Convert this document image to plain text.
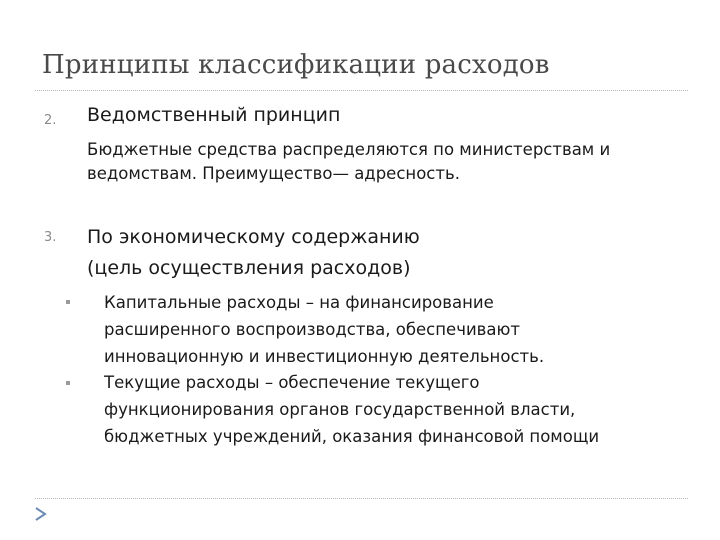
Принципы классификации расходов
2. Ведомственный принцип
Бюджетные средства распределяются по министерствам и
ведомствам. Преимущество— адресность.
3. По экономическому содержанию
(цель осуществления расходов)
Капитальные расходы – на финансирование
расширенного воспроизводства, обеспечивают
инновационную и инвестиционную деятельность.
Текущие расходы – обеспечение текущего
функционирования органов государственной власти,
бюджетных учреждений, оказания финансовой помощи
